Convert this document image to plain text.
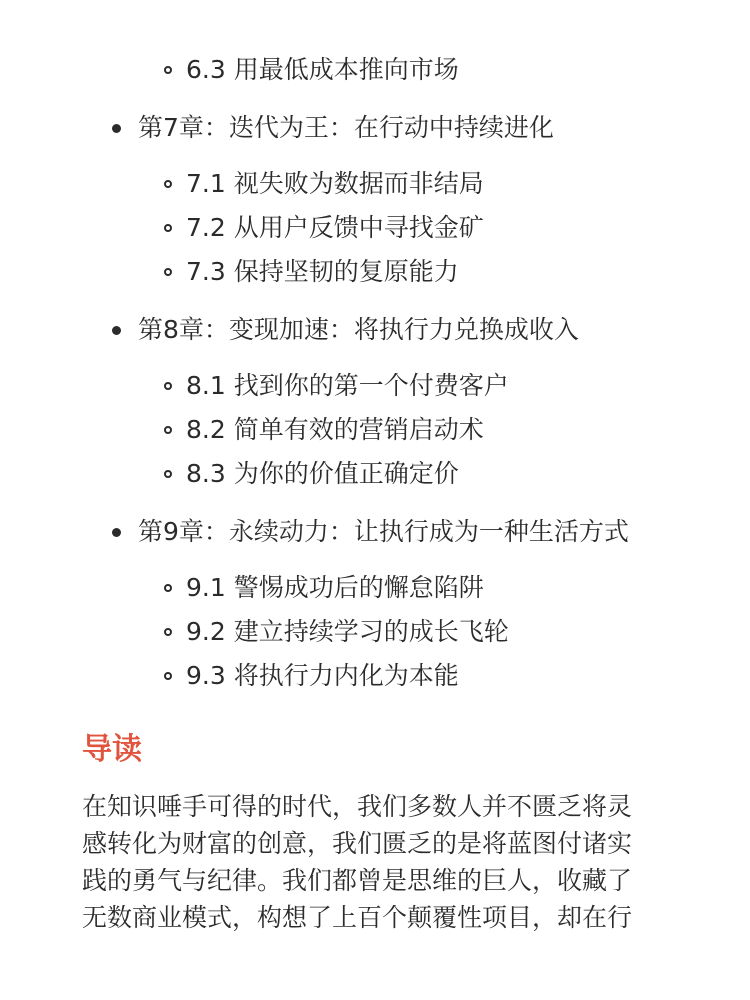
6.3 用最低成本推向市场
第7章：迭代为王：在行动中持续进化
7.1 视失败为数据而非结局
7.2 从用户反馈中寻找金矿
7.3 保持坚韧的复原能力
第8章：变现加速：将执行力兑换成收入
8.1 找到你的第一个付费客户
8.2 简单有效的营销启动术
8.3 为你的价值正确定价
第9章：永续动力：让执行成为一种生活方式
9.1 警惕成功后的懈怠陷阱
9.2 建立持续学习的成长飞轮
9.3 将执行力内化为本能
导读
在知识唾手可得的时代，我们多数人并不匮乏将灵
感转化为财富的创意，我们匮乏的是将蓝图付诸实
践的勇气与纪律。我们都曾是思维的巨人，收藏了
无数商业模式，构想了上百个颠覆性项目，却在行
